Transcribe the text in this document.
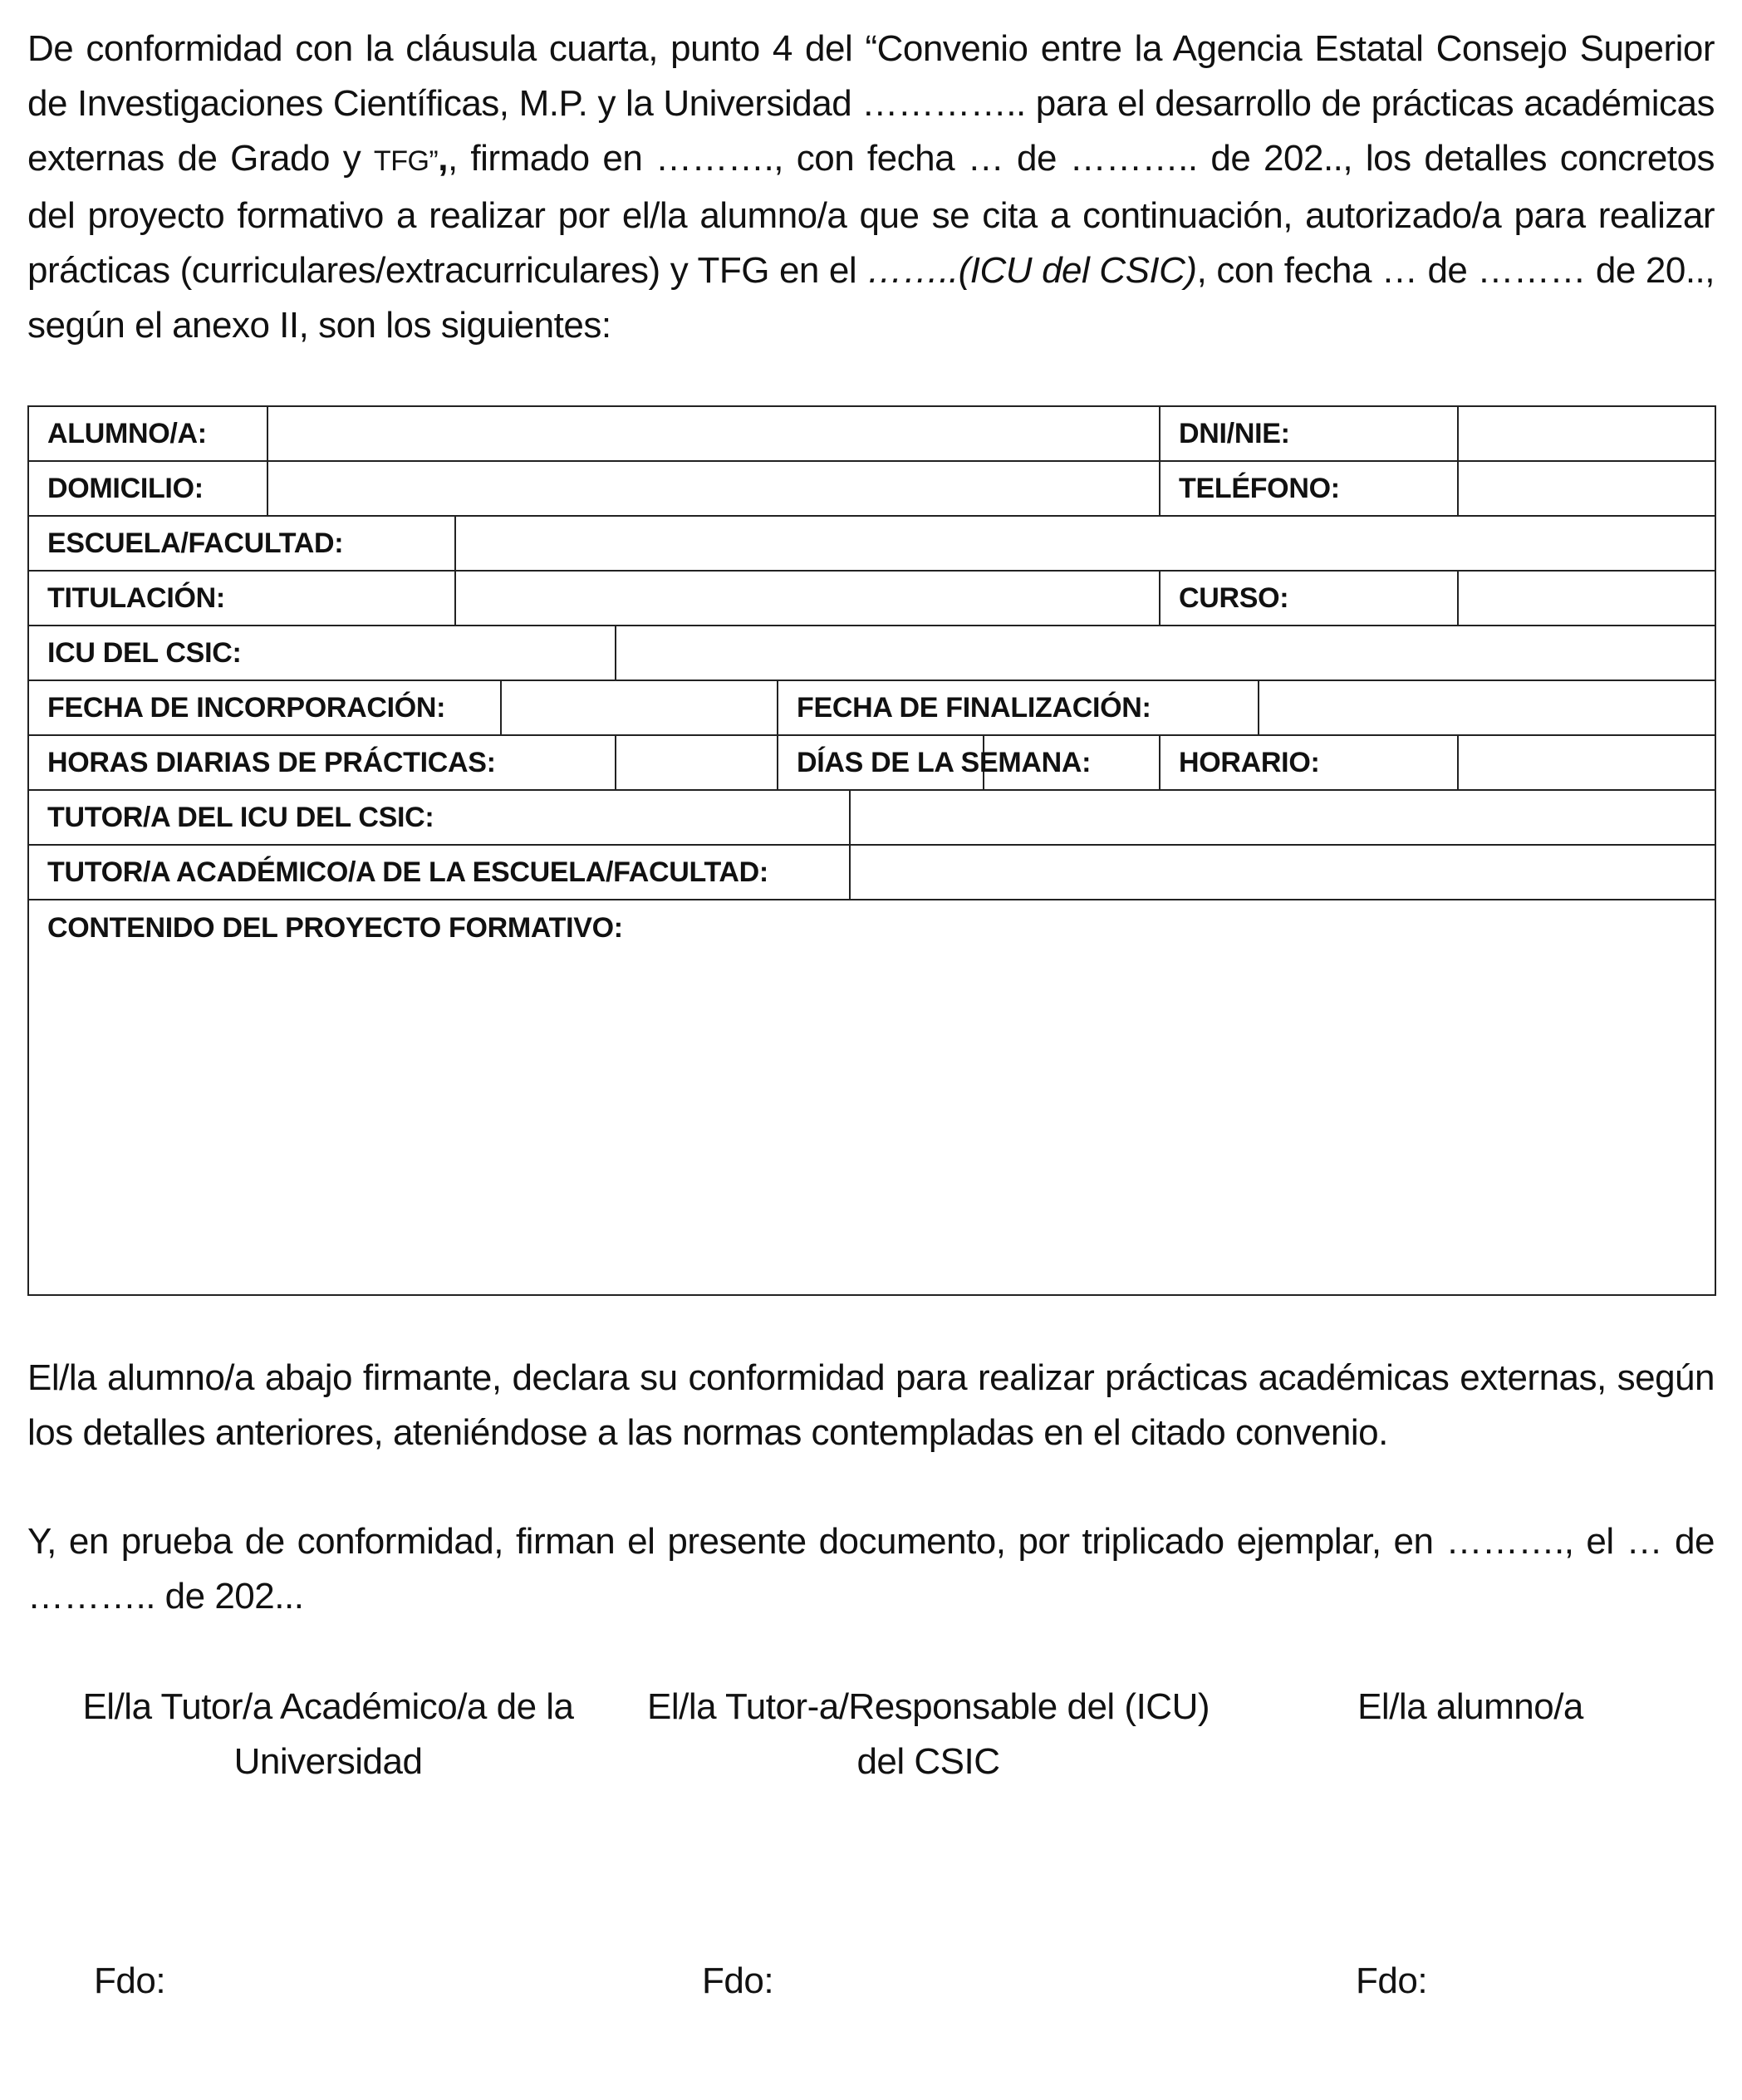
De conformidad con la cláusula cuarta, punto 4 del “Convenio entre la Agencia Estatal Consejo Superior de Investigaciones Científicas, M.P. y la Universidad ………….. para el desarrollo de prácticas académicas externas de Grado y TFG”,, firmado en ………., con fecha … de ……….. de 202.., los detalles concretos del proyecto formativo a realizar por el/la alumno/a que se cita a continuación, autorizado/a para realizar prácticas (curriculares/extracurriculares) y TFG en el ……..(ICU del CSIC), con fecha … de ……… de 20.., según el anexo II, son los siguientes:

ALUMNO/A:								DNI/NIE:		
DOMICILIO:								TELÉFONO:		
ESCUELA/FACULTAD:										
TITULACIÓN:								CURSO:		
ICU DEL CSIC:										
FECHA DE INCORPORACIÓN:					FECHA DE FINALIZACIÓN:					
HORAS DIARIAS DE PRÁCTICAS:					DÍAS DE LA SEMANA:			HORARIO:		
TUTOR/A DEL ICU DEL CSIC:										
TUTOR/A ACADÉMICO/A DE LA ESCUELA/FACULTAD:										
CONTENIDO DEL PROYECTO FORMATIVO:										

El/la alumno/a abajo firmante, declara su conformidad para realizar prácticas académicas externas, según los detalles anteriores, ateniéndose a las normas contempladas en el citado convenio.

Y, en prueba de conformidad, firman el presente documento, por triplicado ejemplar, en ………., el … de ……….. de 202...

El/la Tutor/a Académico/a de la
Universidad
El/la Tutor-a/Responsable del (ICU)
del CSIC
El/la alumno/a
Fdo:	Fdo:	Fdo:
